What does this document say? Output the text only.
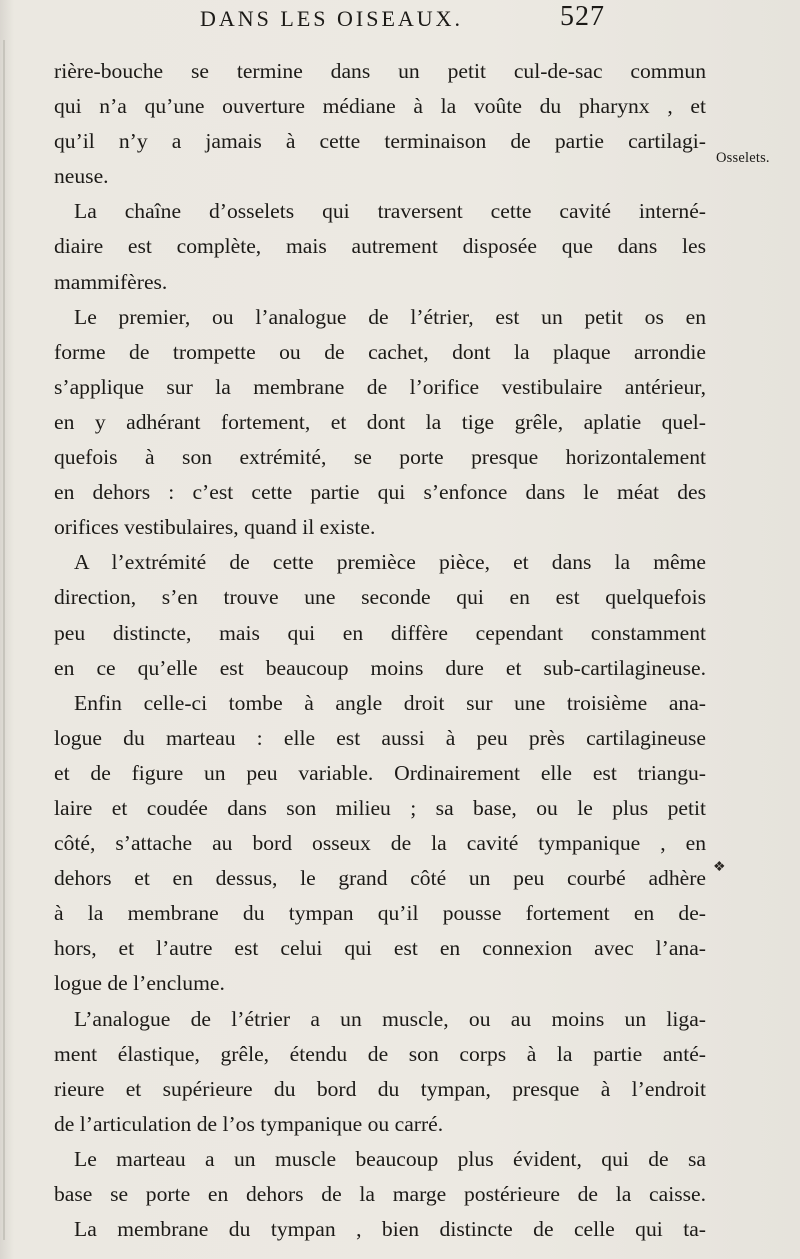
DANS LES OISEAUX.	527
Osselets.
❖
rière-bouche se termine dans un petit cul-de-sac commun
qui n’a qu’une ouverture médiane à la voûte du pharynx , et
qu’il n’y a jamais à cette terminaison de partie cartilagi-
neuse.
La chaîne d’osselets qui traversent cette cavité interné-
diaire est complète, mais autrement disposée que dans les
mammifères.
Le premier, ou l’analogue de l’étrier, est un petit os en
forme de trompette ou de cachet, dont la plaque arrondie
s’applique sur la membrane de l’orifice vestibulaire antérieur,
en y adhérant fortement, et dont la tige grêle, aplatie quel-
quefois à son extrémité, se porte presque horizontalement
en dehors : c’est cette partie qui s’enfonce dans le méat des
orifices vestibulaires, quand il existe.
A l’extrémité de cette premièce pièce, et dans la même
direction, s’en trouve une seconde qui en est quelquefois
peu distincte, mais qui en diffère cependant constamment
en ce qu’elle est beaucoup moins dure et sub-cartilagineuse.
Enfin celle-ci tombe à angle droit sur une troisième ana-
logue du marteau : elle est aussi à peu près cartilagineuse
et de figure un peu variable. Ordinairement elle est triangu-
laire et coudée dans son milieu ; sa base, ou le plus petit
côté, s’attache au bord osseux de la cavité tympanique , en
dehors et en dessus, le grand côté un peu courbé adhère
à la membrane du tympan qu’il pousse fortement en de-
hors, et l’autre est celui qui est en connexion avec l’ana-
logue de l’enclume.
L’analogue de l’étrier a un muscle, ou au moins un liga-
ment élastique, grêle, étendu de son corps à la partie anté-
rieure et supérieure du bord du tympan, presque à l’endroit
de l’articulation de l’os tympanique ou carré.
Le marteau a un muscle beaucoup plus évident, qui de sa
base se porte en dehors de la marge postérieure de la caisse.
La membrane du tympan , bien distincte de celle qui ta-
